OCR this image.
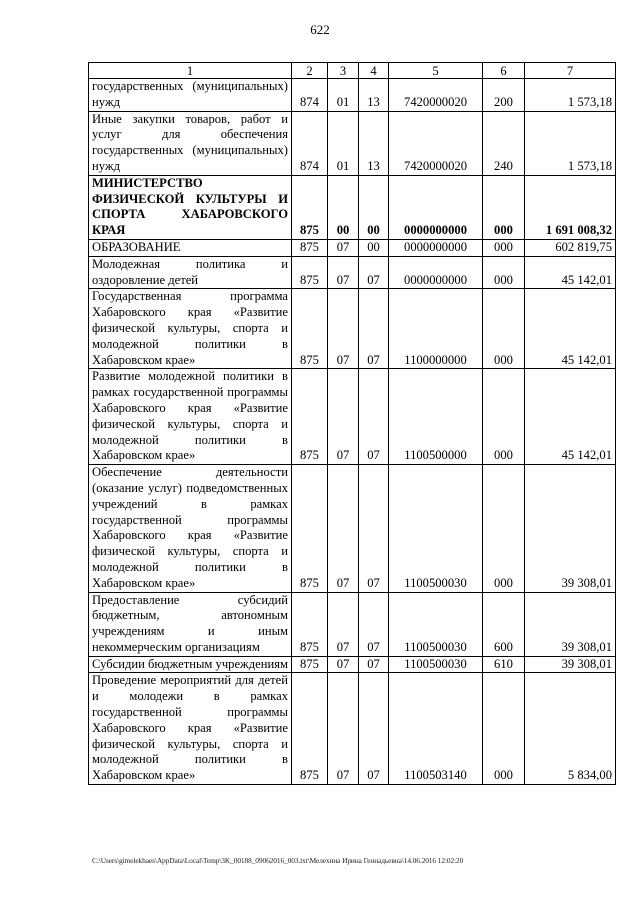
622
1	2	3	4	5	6	7
государственных (муниципальных) нужд	874	01	13	7420000020	200	1 573,18
Иные закупки товаров, работ и услуг для обеспечения государственных (муниципальных) нужд	874	01	13	7420000020	240	1 573,18
МИНИСТЕРСТВО ФИЗИЧЕСКОЙ КУЛЬТУРЫ И СПОРТА ХАБАРОВСКОГО КРАЯ	875	00	00	0000000000	000	1 691 008,32
ОБРАЗОВАНИЕ	875	07	00	0000000000	000	602 819,75
Молодежная политика и оздоровление детей	875	07	07	0000000000	000	45 142,01
Государственная программа Хабаровского края «Развитие физической культуры, спорта и молодежной политики в Хабаровском крае»	875	07	07	1100000000	000	45 142,01
Развитие молодежной политики в рамках государственной программы Хабаровского края «Развитие физической культуры, спорта и молодежной политики в Хабаровском крае»	875	07	07	1100500000	000	45 142,01
Обеспечение деятельности (оказание услуг) подведомственных учреждений в рамках государственной программы Хабаровского края «Развитие физической культуры, спорта и молодежной политики в Хабаровском крае»	875	07	07	1100500030	000	39 308,01
Предоставление субсидий бюджетным, автономным учреждениям и иным некоммерческим организациям	875	07	07	1100500030	600	39 308,01
Субсидии бюджетным учреждениям	875	07	07	1100500030	610	39 308,01
Проведение мероприятий для детей и молодежи в рамках государственной программы Хабаровского края «Развитие физической культуры, спорта и молодежной политики в Хабаровском крае»	875	07	07	1100503140	000	5 834,00
C:\Users\gimelekhaes\AppData\Local\Temp\3K_00188_09062016_003.txt\Мелехина Ирина Геннадьевна\14.06.2016 12:02:20
